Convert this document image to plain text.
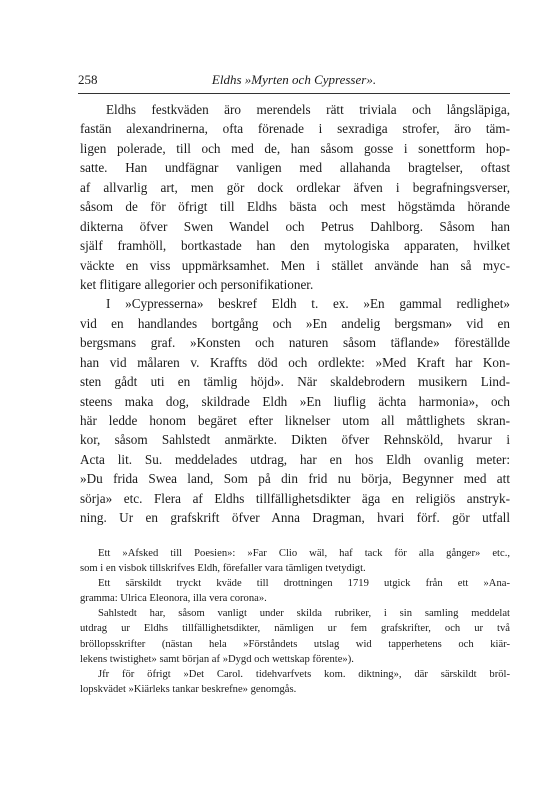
258	Eldhs »Myrten och Cypresser».
Eldhs festkväden äro merendels rätt triviala och långsläpiga,
fastän alexandrinerna, ofta förenade i sexradiga strofer, äro täm-
ligen polerade, till och med de, han såsom gosse i sonettform hop-
satte. Han undfägnar vanligen med allahanda bragtelser, oftast
af allvarlig art, men gör dock ordlekar äfven i begrafningsverser,
såsom de för öfrigt till Eldhs bästa och mest högstämda hörande
dikterna öfver Swen Wandel och Petrus Dahlborg. Såsom han
själf framhöll, bortkastade han den mytologiska apparaten, hvilket
väckte en viss uppmärksamhet. Men i stället använde han så myc-
ket flitigare allegorier och personifikationer.
I »Cypresserna» beskref Eldh t. ex. »En gammal redlighet»
vid en handlandes bortgång och »En andelig bergsman» vid en
bergsmans graf. »Konsten och naturen såsom täflande» föreställde
han vid målaren v. Kraffts död och ordlekte: »Med Kraft har Kon-
sten gådt uti en tämlig höjd». När skaldebrodern musikern Lind-
steens maka dog, skildrade Eldh »En liuflig ächta harmonia», och
här ledde honom begäret efter liknelser utom all måttlighets skran-
kor, såsom Sahlstedt anmärkte. Dikten öfver Rehnsköld, hvarur i
Acta lit. Su. meddelades utdrag, har en hos Eldh ovanlig meter:
»Du frida Swea land, Som på din frid nu börja, Begynner med att
sörja» etc. Flera af Eldhs tillfällighetsdikter äga en religiös anstryk-
ning. Ur en grafskrift öfver Anna Dragman, hvari förf. gör utfall
Ett »Afsked till Poesien»: »Far Clio wäl, haf tack för alla gånger» etc.,
som i en visbok tillskrifves Eldh, förefaller vara tämligen tvetydigt.
Ett särskildt tryckt kväde till drottningen 1719 utgick från ett »Ana-
gramma: Ulrica Eleonora, illa vera corona».
Sahlstedt har, såsom vanligt under skilda rubriker, i sin samling meddelat
utdrag ur Eldhs tillfällighetsdikter, nämligen ur fem grafskrifter, och ur två
bröllopsskrifter (nästan hela »Förståndets utslag wid tapperhetens och kiär-
lekens twistighet» samt början af »Dygd och wettskap förente»).
Jfr för öfrigt »Det Carol. tidehvarfvets kom. diktning», där särskildt bröl-
lopskvädet »Kiärleks tankar beskrefne» genomgås.
